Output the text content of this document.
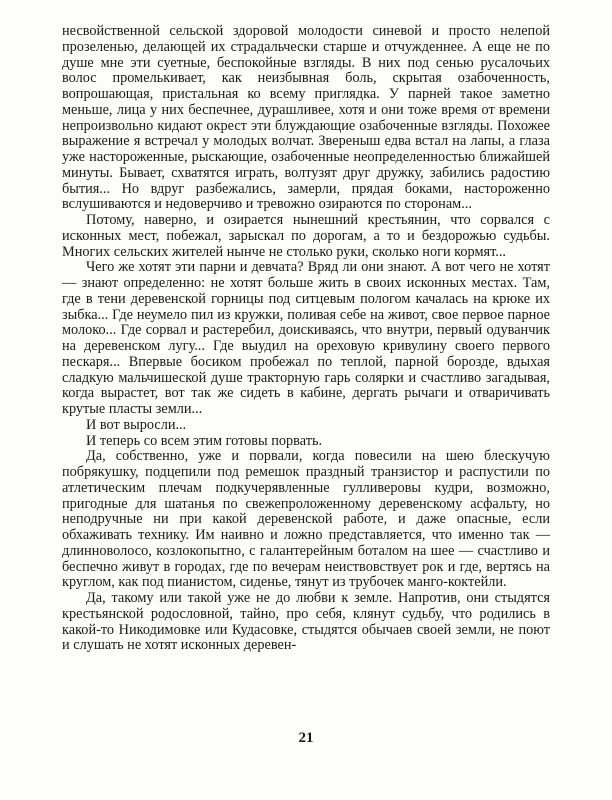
несвойственной сельской здоровой молодости синевой и просто нелепой прозеленью, делающей их страдальчески старше и отчужденнее. А еще не по душе мне эти суетные, беспокойные взгляды. В них под сенью русалочьих волос промелькивает, как неизбывная боль, скрытая озабоченность, вопрошающая, пристальная ко всему приглядка. У парней такое заметно меньше, лица у них беспечнее, дурашливее, хотя и они тоже время от времени непроизвольно кидают окрест эти блуждающие озабоченные взгляды. Похожее выражение я встречал у молодых волчат. Звереныш едва встал на лапы, а глаза уже настороженные, рыскающие, озабоченные неопределенностью ближайшей минуты. Бывает, схватятся играть, волтузят друг дружку, забились радостию бытия... Но вдруг разбежались, замерли, прядая боками, настороженно вслушиваются и недоверчиво и тревожно озираются по сторонам...

Потому, наверно, и озирается нынешний крестьянин, что сорвался с исконных мест, побежал, зарыскал по дорогам, а то и бездорожью судьбы. Многих сельских жителей нынче не столько руки, сколько ноги кормят...

Чего же хотят эти парни и девчата? Вряд ли они знают. А вот чего не хотят — знают определенно: не хотят больше жить в своих исконных местах. Там, где в тени деревенской горницы под ситцевым пологом качалась на крюке их зыбка... Где неумело пил из кружки, поливая себе на живот, свое первое парное молоко... Где сорвал и растеребил, доискиваясь, что внутри, первый одуванчик на деревенском лугу... Где выудил на ореховую кривулину своего первого пескаря... Впервые босиком пробежал по теплой, парной борозде, вдыхая сладкую мальчишеской душе тракторную гарь солярки и счастливо загадывая, когда вырастет, вот так же сидеть в кабине, дергать рычаги и отваричивать крутые пласты земли...

И вот выросли...

И теперь со всем этим готовы порвать.

Да, собственно, уже и порвали, когда повесили на шею блескучую побрякушку, подцепили под ремешок праздный транзистор и распустили по атлетическим плечам подкучерявленные гулливеровы кудри, возможно, пригодные для шатанья по свежепроложенному деревенскому асфальту, но неподручные ни при какой деревенской работе, и даже опасные, если обхаживать технику. Им наивно и ложно представляется, что именно так — длинноволосо, козлокопытно, с галантерейным боталом на шее — счастливо и беспечно живут в городах, где по вечерам неиствовствует рок и где, вертясь на круглом, как под пианистом, сиденье, тянут из трубочек манго-коктейли.

Да, такому или такой уже не до любви к земле. Напротив, они стыдятся крестьянской родословной, тайно, про себя, клянут судьбу, что родились в какой-то Никодимовке или Кудасовке, стыдятся обычаев своей земли, не поют и слушать не хотят исконных деревен-

21
